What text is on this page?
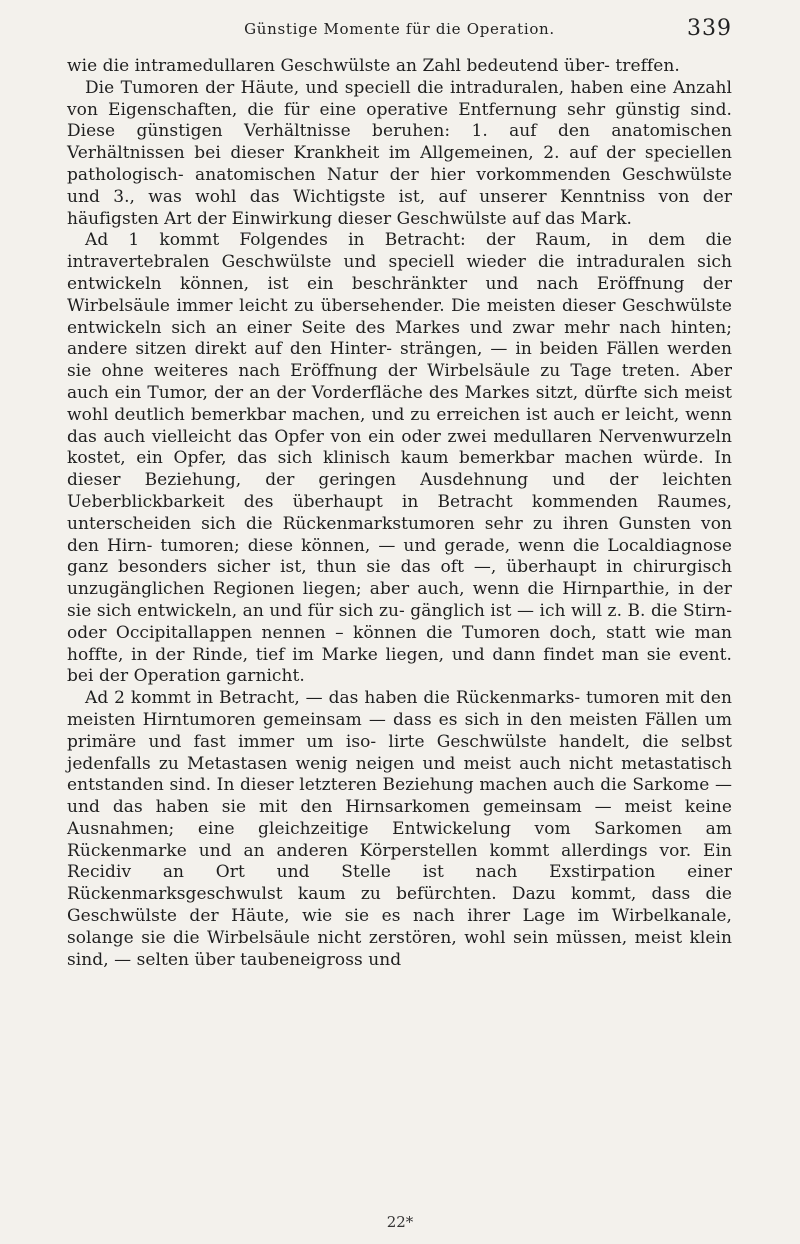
Günstige Momente für die Operation.	339

wie die intramedullaren Geschwülste an Zahl bedeutend über- treffen.

Die Tumoren der Häute, und speciell die intraduralen, haben eine Anzahl von Eigenschaften, die für eine operative Entfernung sehr günstig sind. Diese günstigen Verhältnisse beruhen: 1. auf den anatomischen Verhältnissen bei dieser Krankheit im Allgemeinen, 2. auf der speciellen pathologisch- anatomischen Natur der hier vorkommenden Geschwülste und 3., was wohl das Wichtigste ist, auf unserer Kenntniss von der häufigsten Art der Einwirkung dieser Geschwülste auf das Mark.

Ad 1 kommt Folgendes in Betracht: der Raum, in dem die intravertebralen Geschwülste und speciell wieder die intraduralen sich entwickeln können, ist ein beschränkter und nach Eröffnung der Wirbelsäule immer leicht zu übersehender. Die meisten dieser Geschwülste entwickeln sich an einer Seite des Markes und zwar mehr nach hinten; andere sitzen direkt auf den Hinter- strängen, — in beiden Fällen werden sie ohne weiteres nach Eröffnung der Wirbelsäule zu Tage treten. Aber auch ein Tumor, der an der Vorderfläche des Markes sitzt, dürfte sich meist wohl deutlich bemerkbar machen, und zu erreichen ist auch er leicht, wenn das auch vielleicht das Opfer von ein oder zwei medullaren Nervenwurzeln kostet, ein Opfer, das sich klinisch kaum bemerkbar machen würde. In dieser Beziehung, der geringen Ausdehnung und der leichten Ueberblickbarkeit des überhaupt in Betracht kommenden Raumes, unterscheiden sich die Rückenmarkstumoren sehr zu ihren Gunsten von den Hirn- tumoren; diese können, — und gerade, wenn die Localdiagnose ganz besonders sicher ist, thun sie das oft —, überhaupt in chirurgisch unzugänglichen Regionen liegen; aber auch, wenn die Hirnparthie, in der sie sich entwickeln, an und für sich zu- gänglich ist — ich will z. B. die Stirn- oder Occipitallappen nennen – können die Tumoren doch, statt wie man hoffte, in der Rinde, tief im Marke liegen, und dann findet man sie event. bei der Operation garnicht.

Ad 2 kommt in Betracht, — das haben die Rückenmarks- tumoren mit den meisten Hirntumoren gemeinsam — dass es sich in den meisten Fällen um primäre und fast immer um iso- lirte Geschwülste handelt, die selbst jedenfalls zu Metastasen wenig neigen und meist auch nicht metastatisch entstanden sind. In dieser letzteren Beziehung machen auch die Sarkome — und das haben sie mit den Hirnsarkomen gemeinsam — meist keine Ausnahmen; eine gleichzeitige Entwickelung vom Sarkomen am Rückenmarke und an anderen Körperstellen kommt allerdings vor. Ein Recidiv an Ort und Stelle ist nach Exstirpation einer Rückenmarksgeschwulst kaum zu befürchten. Dazu kommt, dass die Geschwülste der Häute, wie sie es nach ihrer Lage im Wirbelkanale, solange sie die Wirbelsäule nicht zerstören, wohl sein müssen, meist klein sind, — selten über taubeneigross und

22*
